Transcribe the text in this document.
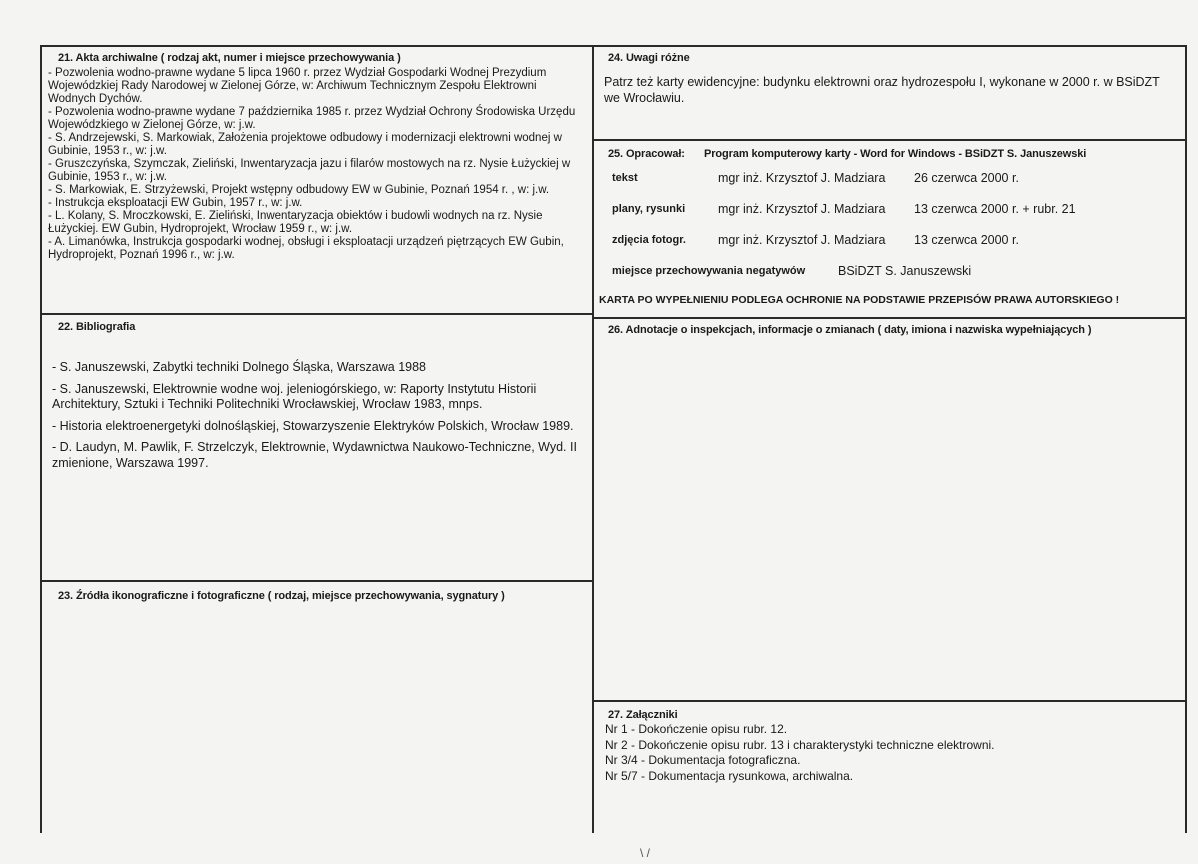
21. Akta archiwalne ( rodzaj akt, numer i miejsce przechowywania )
- Pozwolenia wodno-prawne wydane 5 lipca 1960 r. przez Wydział Gospodarki Wodnej Prezydium Wojewódzkiej Rady Narodowej w Zielonej Górze, w: Archiwum Technicznym Zespołu Elektrowni Wodnych Dychów.
- Pozwolenia wodno-prawne wydane 7 października 1985 r. przez Wydział Ochrony Środowiska Urzędu Wojewódzkiego w Zielonej Górze, w: j.w.
- S. Andrzejewski, S. Markowiak, Założenia projektowe odbudowy i modernizacji elektrowni wodnej w Gubinie, 1953 r., w: j.w.
- Gruszczyńska, Szymczak, Zieliński, Inwentaryzacja jazu i filarów mostowych na rz. Nysie Łużyckiej w Gubinie, 1953 r., w: j.w.
- S. Markowiak, E. Strzyżewski, Projekt wstępny odbudowy EW w Gubinie, Poznań 1954 r. , w: j.w.
- Instrukcja eksploatacji EW Gubin, 1957 r., w: j.w.
- L. Kolany, S. Mroczkowski, E. Zieliński, Inwentaryzacja obiektów i budowli wodnych na rz. Nysie Łużyckiej. EW Gubin, Hydroprojekt, Wrocław 1959 r., w: j.w.
- A. Limanówka, Instrukcja gospodarki wodnej, obsługi i eksploatacji urządzeń piętrzących EW Gubin, Hydroprojekt, Poznań 1996 r., w: j.w.
22. Bibliografia
- S. Januszewski, Zabytki techniki Dolnego Śląska, Warszawa 1988
- S. Januszewski, Elektrownie wodne woj. jeleniogórskiego, w: Raporty Instytutu Historii Architektury, Sztuki i Techniki Politechniki Wrocławskiej, Wrocław 1983, mnps.
- Historia elektroenergetyki dolnośląskiej, Stowarzyszenie Elektryków Polskich, Wrocław 1989.
- D. Laudyn, M. Pawlik, F. Strzelczyk, Elektrownie, Wydawnictwa Naukowo-Techniczne, Wyd. II zmienione, Warszawa 1997.
23. Źródła ikonograficzne i fotograficzne ( rodzaj, miejsce przechowywania, sygnatury )
24. Uwagi różne
Patrz też karty ewidencyjne: budynku elektrowni oraz hydrozespołu I, wykonane w 2000 r. w BSiDZT we Wrocławiu.
25. Opracował: Program komputerowy karty - Word for Windows - BSiDZT S. Januszewski
tekst	mgr inż. Krzysztof J. Madziara 26 czerwca 2000 r.
plany, rysunki	mgr inż. Krzysztof J. Madziara 13 czerwca 2000 r. + rubr. 21
zdjęcia fotogr.	mgr inż. Krzysztof J. Madziara 13 czerwca 2000 r.
miejsce przechowywania negatywów	BSiDZT S. Januszewski
KARTA PO WYPEŁNIENIU PODLEGA OCHRONIE NA PODSTAWIE PRZEPISÓW PRAWA AUTORSKIEGO !
26. Adnotacje o inspekcjach, informacje o zmianach ( daty, imiona i nazwiska wypełniających )
27. Załączniki
Nr 1 - Dokończenie opisu rubr. 12.
Nr 2 - Dokończenie opisu rubr. 13 i charakterystyki techniczne elektrowni.
Nr 3/4 - Dokumentacja fotograficzna.
Nr 5/7 - Dokumentacja rysunkowa, archiwalna.
\ /
